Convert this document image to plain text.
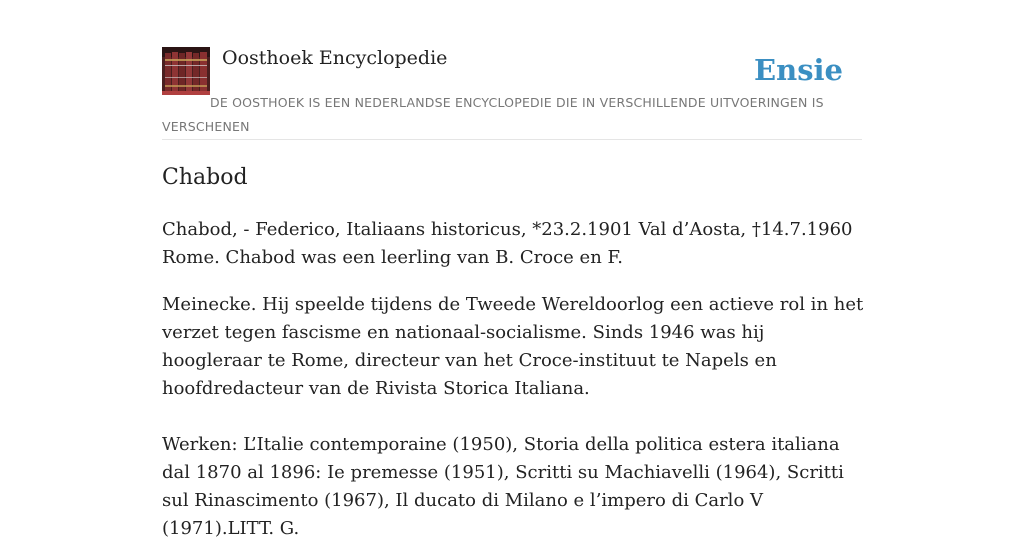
Oosthoek Encyclopedie	Ensie
DE OOSTHOEK IS EEN NEDERLANDSE ENCYCLOPEDIE DIE IN VERSCHILLENDE UITVOERINGEN IS VERSCHENEN
Chabod

Chabod, - Federico, Italiaans historicus, *23.2.1901 Val d’Aosta, †14.7.1960 Rome. Chabod was een leerling van B. Croce en F.

Meinecke. Hij speelde tijdens de Tweede Wereldoorlog een actieve rol in het verzet tegen fascisme en nationaal-socialisme. Sinds 1946 was hij hoogleraar te Rome, directeur van het Croce-instituut te Napels en hoofdredacteur van de Rivista Storica Italiana.

Werken: L’Italie contemporaine (1950), Storia della politica estera italiana dal 1870 al 1896: Ie premesse (1951), Scritti su Machiavelli (1964), Scritti sul Rinascimento (1967), Il ducato di Milano e l’impero di Carlo V (1971).LITT. G.
